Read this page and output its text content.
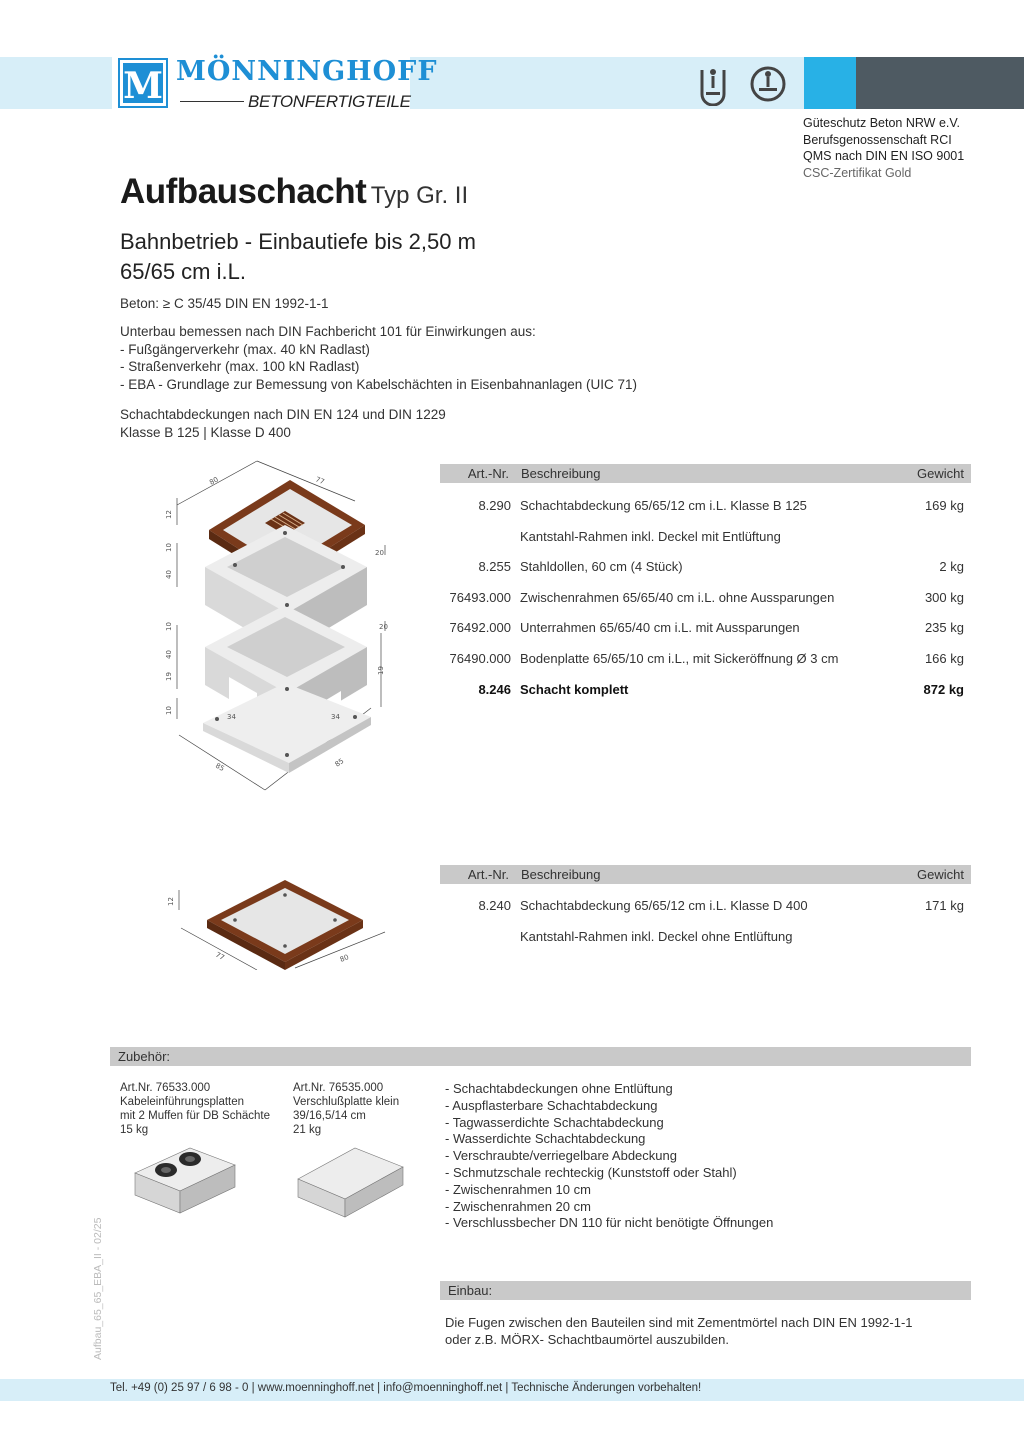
M MÖNNINGHOFF
BETONFERTIGTEILE
Güteschutz Beton NRW e.V.
Berufsgenossenschaft RCI
QMS nach DIN EN ISO 9001
CSC-Zertifikat Gold
Aufbauschacht Typ Gr. II
Bahnbetrieb - Einbautiefe bis 2,50 m
65/65 cm i.L.
Beton: ≥ C 35/45 DIN EN 1992-1-1
Unterbau bemessen nach DIN Fachbericht 101 für Einwirkungen aus:
- Fußgängerverkehr (max. 40 kN Radlast)
- Straßenverkehr (max. 100 kN Radlast)
- EBA - Grundlage zur Bemessung von Kabelschächten in Eisenbahnanlagen (UIC 71)
Schachtabdeckungen nach DIN EN 124 und DIN 1229
Klasse B 125 | Klasse D 400
80	77
12
10
40
20
10
40
19
19
20
10
34	34
85	85
Art.-Nr. Beschreibung	Gewicht
8.290 Schachtabdeckung 65/65/12 cm i.L. Klasse B 125	169 kg
Kantstahl-Rahmen inkl. Deckel mit Entlüftung
8.255 Stahldollen, 60 cm (4 Stück)	2 kg
76493.000 Zwischenrahmen 65/65/40 cm i.L. ohne Aussparungen	300 kg
76492.000 Unterrahmen 65/65/40 cm i.L. mit Aussparungen	235 kg
76490.000 Bodenplatte 65/65/10 cm i.L., mit Sickeröffnung Ø 3 cm	166 kg
8.246 Schacht komplett	872 kg
12
77	80
Art.-Nr. Beschreibung	Gewicht
8.240 Schachtabdeckung 65/65/12 cm i.L. Klasse D 400	171 kg
Kantstahl-Rahmen inkl. Deckel ohne Entlüftung
Zubehör:
Art.Nr. 76533.000
Kabeleinführungsplatten
mit 2 Muffen für DB Schächte
15 kg
Art.Nr. 76535.000
Verschlußplatte klein
39/16,5/14 cm
21 kg
- Schachtabdeckungen ohne Entlüftung
- Auspflasterbare Schachtabdeckung
- Tagwasserdichte Schachtabdeckung
- Wasserdichte Schachtabdeckung
- Verschraubte/verriegelbare Abdeckung
- Schmutzschale rechteckig (Kunststoff oder Stahl)
- Zwischenrahmen 10 cm
- Zwischenrahmen 20 cm
- Verschlussbecher DN 110 für nicht benötigte Öffnungen
Einbau:
Die Fugen zwischen den Bauteilen sind mit Zementmörtel nach DIN EN 1992-1-1
oder z.B. MÖRX- Schachtbaumörtel auszubilden.
Aufbau_65_65_EBA_II - 02/25
Tel. +49 (0) 25 97 / 6 98 - 0 | www.moenninghoff.net | info@moenninghoff.net | Technische Änderungen vorbehalten!
